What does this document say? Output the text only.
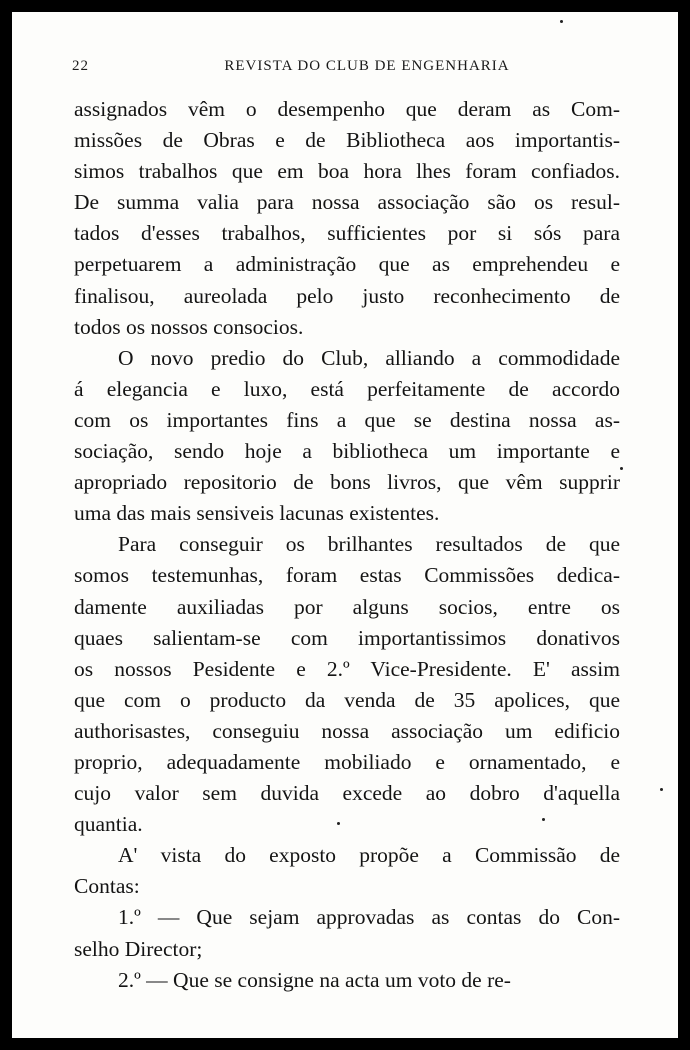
22	REVISTA DO CLUB DE ENGENHARIA

assignados vêm o desempenho que deram as Com-
missões de Obras e de Bibliotheca aos importantis-
simos trabalhos que em boa hora lhes foram confiados.
De summa valia para nossa associação são os resul-
tados d'esses trabalhos, sufficientes por si sós para
perpetuarem a administração que as emprehendeu e
finalisou, aureolada pelo justo reconhecimento de
todos os nossos consocios.

O novo predio do Club, alliando a commodidade
á elegancia e luxo, está perfeitamente de accordo
com os importantes fins a que se destina nossa as-
sociação, sendo hoje a bibliotheca um importante e
apropriado repositorio de bons livros, que vêm supprir
uma das mais sensiveis lacunas existentes.

Para conseguir os brilhantes resultados de que
somos testemunhas, foram estas Commissões dedica-
damente auxiliadas por alguns socios, entre os
quaes salientam-se com importantissimos donativos
os nossos Pesidente e 2.º Vice-Presidente. E' assim
que com o producto da venda de 35 apolices, que
authorisastes, conseguiu nossa associação um edificio
proprio, adequadamente mobiliado e ornamentado, e
cujo valor sem duvida excede ao dobro d'aquella
quantia.

A' vista do exposto propõe a Commissão de
Contas:

1.º — Que sejam approvadas as contas do Con-
selho Director;

2.º — Que se consigne na acta um voto de re-
